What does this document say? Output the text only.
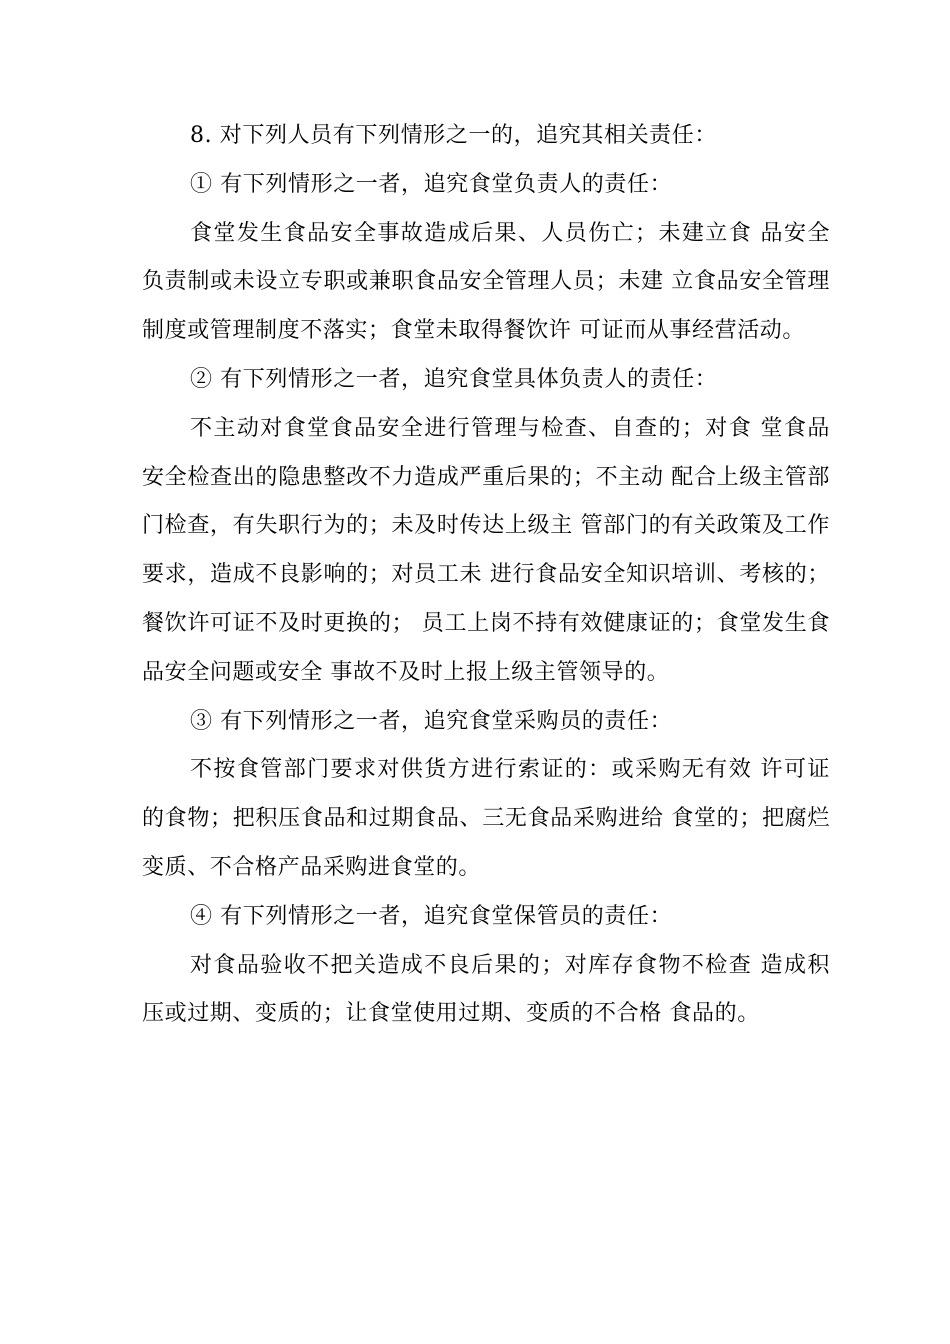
8. 对下列人员有下列情形之一的，追究其相关责任：

① 有下列情形之一者，追究食堂负责人的责任：

食堂发生食品安全事故造成后果、人员伤亡；未建立食 品安全负责制或未设立专职或兼职食品安全管理人员；未建 立食品安全管理制度或管理制度不落实；食堂未取得餐饮许 可证而从事经营活动。

② 有下列情形之一者，追究食堂具体负责人的责任：

不主动对食堂食品安全进行管理与检查、自查的；对食 堂食品安全检查出的隐患整改不力造成严重后果的；不主动 配合上级主管部门检查，有失职行为的；未及时传达上级主 管部门的有关政策及工作要求，造成不良影响的；对员工未 进行食品安全知识培训、考核的；餐饮许可证不及时更换的； 员工上岗不持有效健康证的；食堂发生食品安全问题或安全 事故不及时上报上级主管领导的。

③ 有下列情形之一者，追究食堂采购员的责任：

不按食管部门要求对供货方进行索证的：或采购无有效 许可证的食物；把积压食品和过期食品、三无食品采购进给 食堂的；把腐烂变质、不合格产品采购进食堂的。

④ 有下列情形之一者，追究食堂保管员的责任：

对食品验收不把关造成不良后果的；对库存食物不检查 造成积压或过期、变质的；让食堂使用过期、变质的不合格 食品的。
